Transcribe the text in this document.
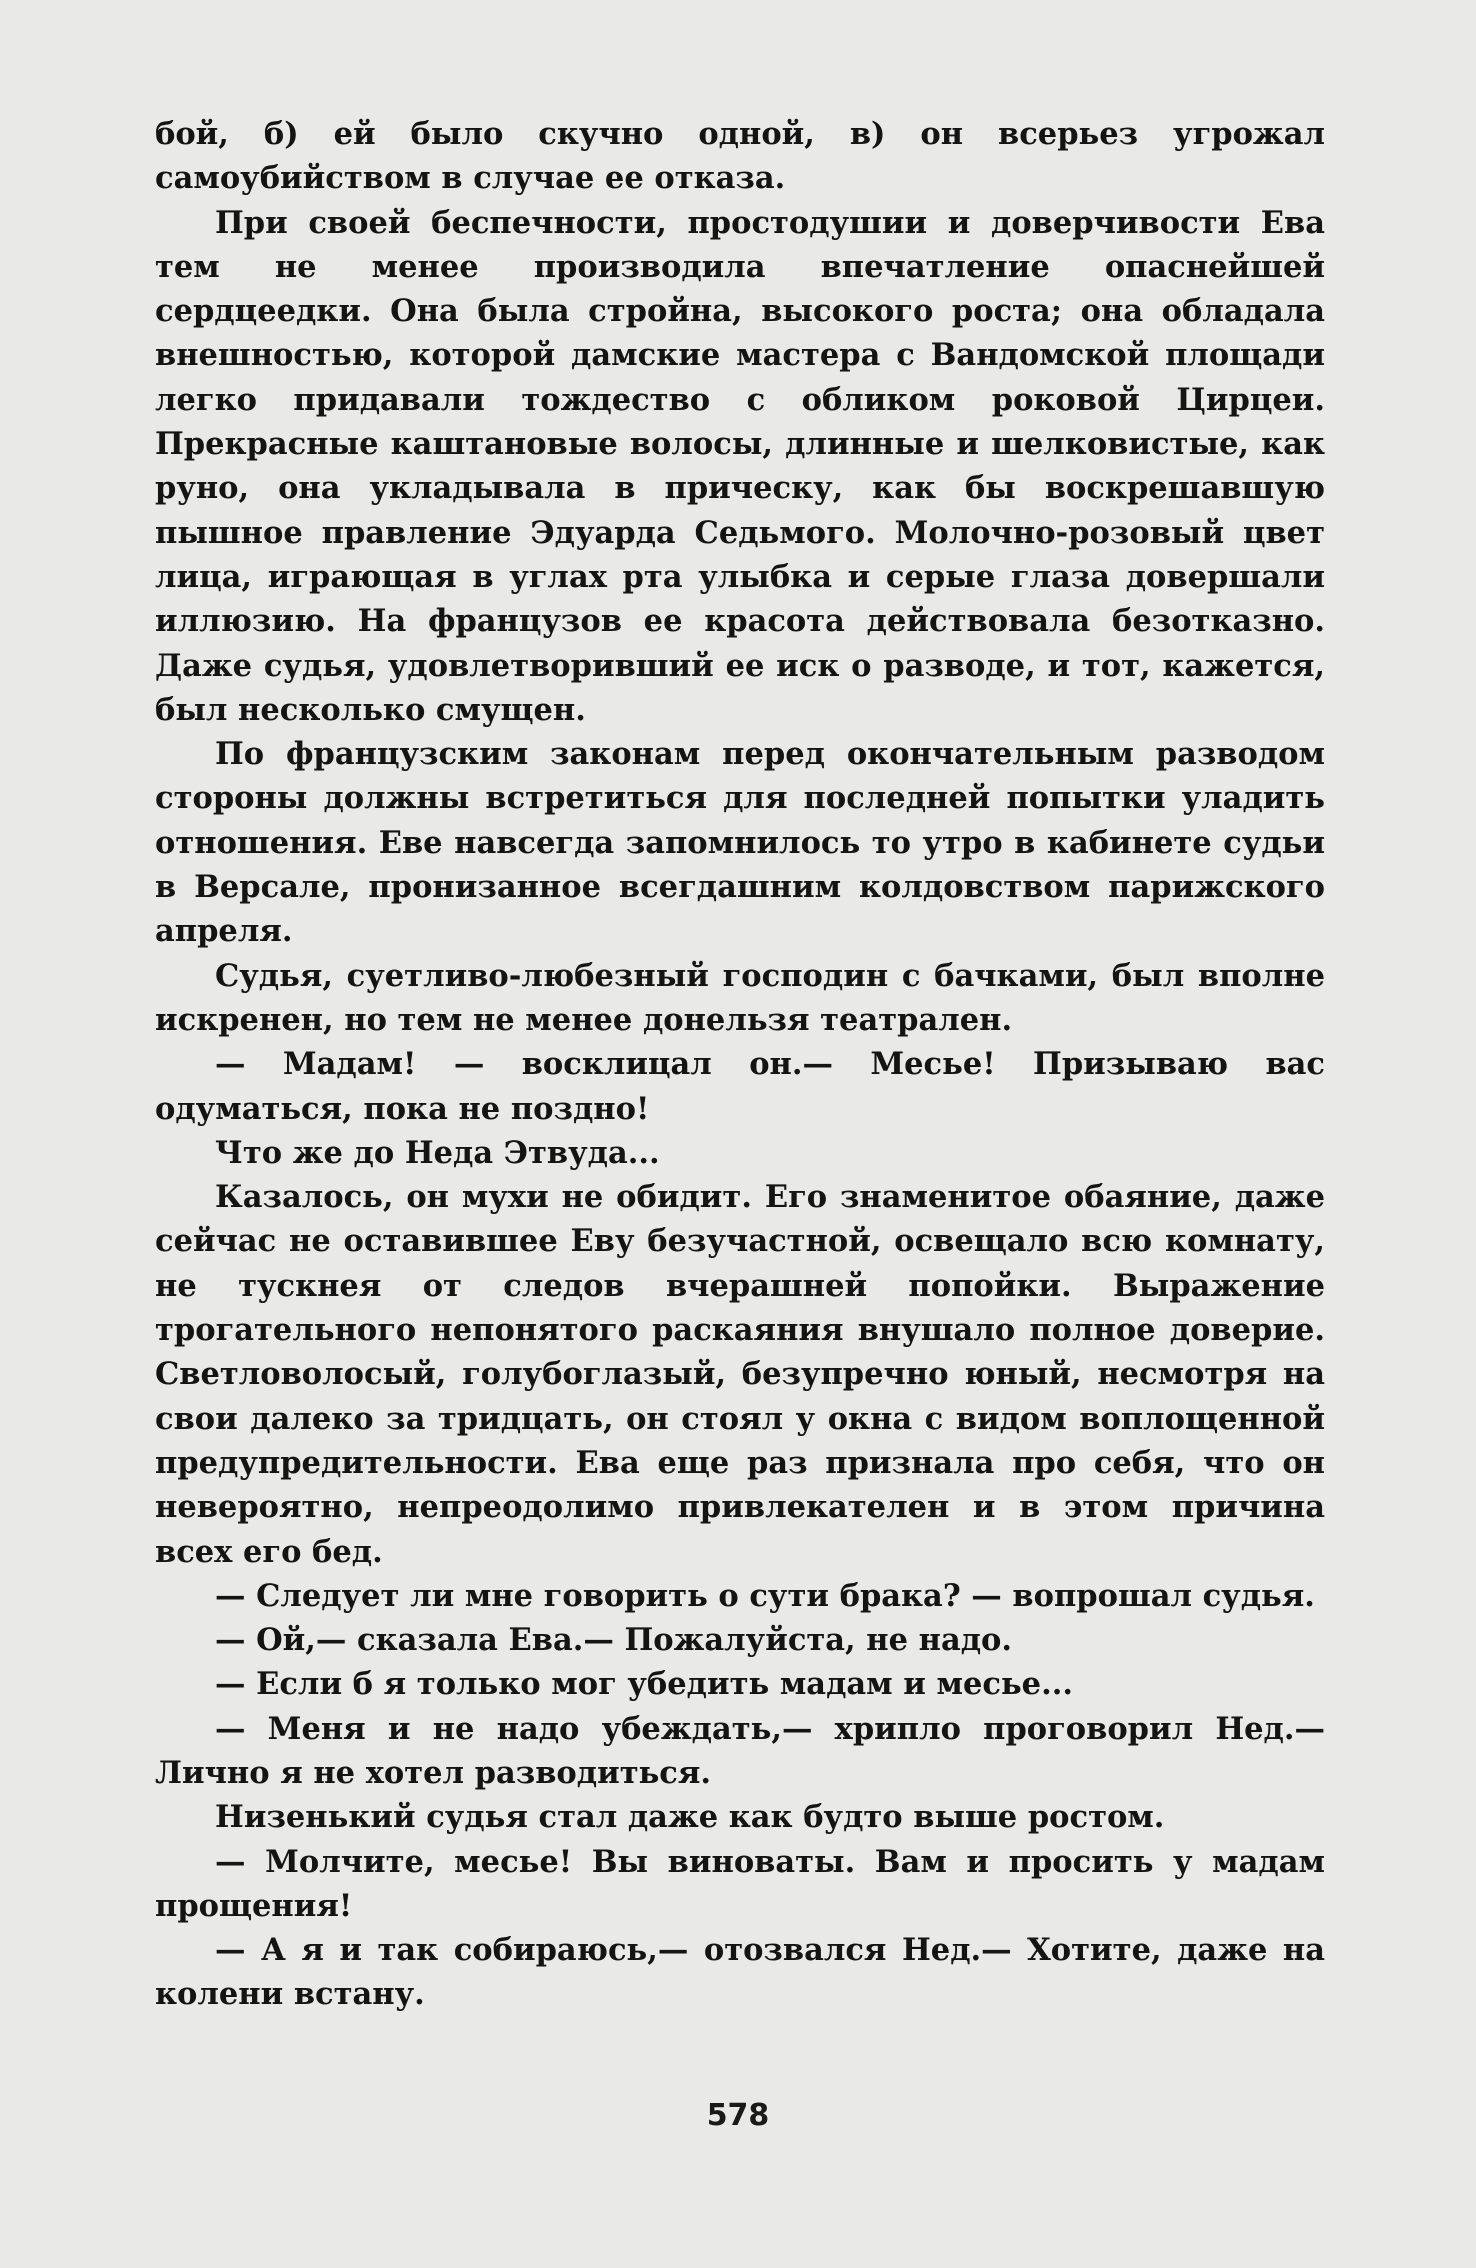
бой, б) ей было скучно одной, в) он всерьез угрожал самоубийством в случае ее отказа.

При своей беспечности, простодушии и доверчивости Ева тем не менее производила впечатление опаснейшей сердцеедки. Она была стройна, высокого роста; она обладала внешностью, которой дамские мастера с Вандомской площади легко придавали тождество с обликом роковой Цирцеи. Прекрасные каштановые волосы, длинные и шелковистые, как руно, она укладывала в прическу, как бы воскрешавшую пышное правление Эдуарда Седьмого. Молочно-розовый цвет лица, играющая в углах рта улыбка и серые глаза довершали иллюзию. На французов ее красота действовала безотказно. Даже судья, удовлетворивший ее иск о разводе, и тот, кажется, был несколько смущен.

По французским законам перед окончательным разводом стороны должны встретиться для последней попытки уладить отношения. Еве навсегда запомнилось то утро в кабинете судьи в Версале, пронизанное всегдашним колдовством парижского апреля.

Судья, суетливо-любезный господин с бачками, был вполне искренен, но тем не менее донельзя театрален.

— Мадам! — восклицал он.— Месье! Призываю вас одуматься, пока не поздно!

Что же до Неда Этвуда...

Казалось, он мухи не обидит. Его знаменитое обаяние, даже сейчас не оставившее Еву безучастной, освещало всю комнату, не тускнея от следов вчерашней попойки. Выражение трогательного непонятого раскаяния внушало полное доверие. Светловолосый, голубоглазый, безупречно юный, несмотря на свои далеко за тридцать, он стоял у окна с видом воплощенной предупредительности. Ева еще раз признала про себя, что он невероятно, непреодолимо привлекателен и в этом причина всех его бед.

— Следует ли мне говорить о сути брака? — вопрошал судья.

— Ой,— сказала Ева.— Пожалуйста, не надо.

— Если б я только мог убедить мадам и месье...

— Меня и не надо убеждать,— хрипло проговорил Нед.— Лично я не хотел разводиться.

Низенький судья стал даже как будто выше ростом.

— Молчите, месье! Вы виноваты. Вам и просить у мадам прощения!

— А я и так собираюсь,— отозвался Нед.— Хотите, даже на колени встану.

578
